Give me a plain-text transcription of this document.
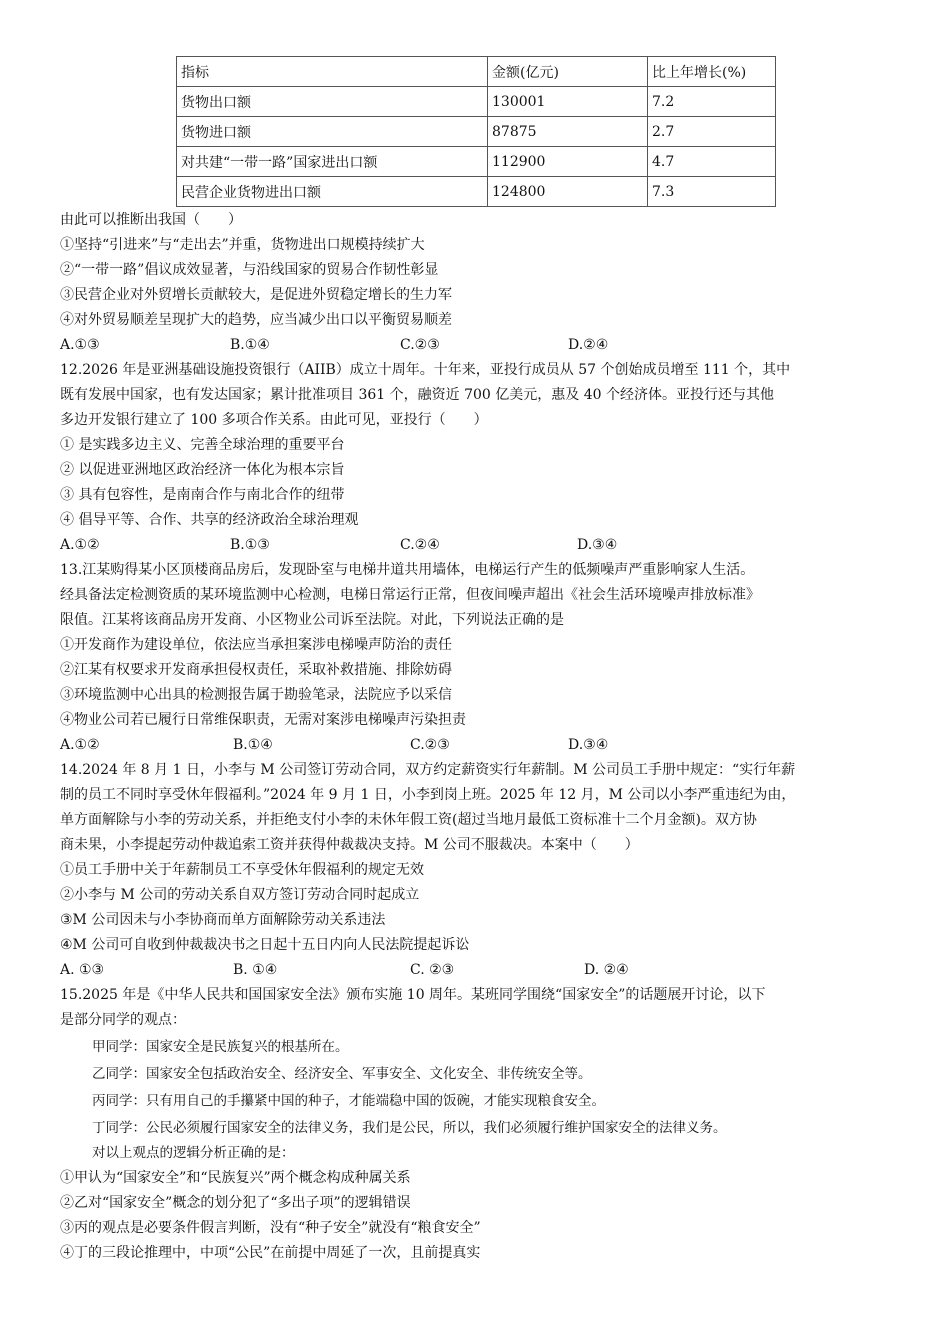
指标	金额(亿元)	比上年增长(%)
货物出口额	130001	7.2
货物进口额	87875	2.7
对共建“一带一路”国家进出口额	112900	4.7
民营企业货物进出口额	124800	7.3
由此可以推断出我国（　　）
①坚持“引进来”与“走出去”并重，货物进出口规模持续扩大
②“一带一路”倡议成效显著，与沿线国家的贸易合作韧性彰显
③民营企业对外贸增长贡献较大，是促进外贸稳定增长的生力军
④对外贸易顺差呈现扩大的趋势，应当减少出口以平衡贸易顺差
A.①③	B.①④	C.②③	D.②④
12.2026 年是亚洲基础设施投资银行（AIIB）成立十周年。十年来，亚投行成员从 57 个创始成员增至 111 个，其中
既有发展中国家，也有发达国家；累计批准项目 361 个，融资近 700 亿美元，惠及 40 个经济体。亚投行还与其他
多边开发银行建立了 100 多项合作关系。由此可见，亚投行（　　）
① 是实践多边主义、完善全球治理的重要平台
② 以促进亚洲地区政治经济一体化为根本宗旨
③ 具有包容性，是南南合作与南北合作的纽带
④ 倡导平等、合作、共享的经济政治全球治理观
A.①②	B.①③	C.②④	D.③④
13.江某购得某小区顶楼商品房后，发现卧室与电梯井道共用墙体，电梯运行产生的低频噪声严重影响家人生活。
经具备法定检测资质的某环境监测中心检测，电梯日常运行正常，但夜间噪声超出《社会生活环境噪声排放标准》
限值。江某将该商品房开发商、小区物业公司诉至法院。对此，下列说法正确的是
①开发商作为建设单位，依法应当承担案涉电梯噪声防治的责任
②江某有权要求开发商承担侵权责任，采取补救措施、排除妨碍
③环境监测中心出具的检测报告属于勘验笔录，法院应予以采信
④物业公司若已履行日常维保职责，无需对案涉电梯噪声污染担责
A.①②	B.①④	C.②③	D.③④
14.2024 年 8 月 1 日，小李与 M 公司签订劳动合同，双方约定薪资实行年薪制。M 公司员工手册中规定：“实行年薪
制的员工不同时享受休年假福利。”2024 年 9 月 1 日，小李到岗上班。2025 年 12 月，M 公司以小李严重违纪为由，
单方面解除与小李的劳动关系，并拒绝支付小李的未休年假工资(超过当地月最低工资标准十二个月金额)。双方协
商未果，小李提起劳动仲裁追索工资并获得仲裁裁决支持。M 公司不服裁决。本案中（　　）
①员工手册中关于年薪制员工不享受休年假福利的规定无效
②小李与 M 公司的劳动关系自双方签订劳动合同时起成立
③M 公司因未与小李协商而单方面解除劳动关系违法
④M 公司可自收到仲裁裁决书之日起十五日内向人民法院提起诉讼
A. ①③	B. ①④	C. ②③	D. ②④
15.2025 年是《中华人民共和国国家安全法》颁布实施 10 周年。某班同学围绕“国家安全”的话题展开讨论，以下
是部分同学的观点：
甲同学：国家安全是民族复兴的根基所在。
乙同学：国家安全包括政治安全、经济安全、军事安全、文化安全、非传统安全等。
丙同学：只有用自己的手攥紧中国的种子，才能端稳中国的饭碗，才能实现粮食安全。
丁同学：公民必须履行国家安全的法律义务，我们是公民，所以，我们必须履行维护国家安全的法律义务。
对以上观点的逻辑分析正确的是：
①甲认为“国家安全”和“民族复兴”两个概念构成种属关系
②乙对“国家安全”概念的划分犯了“多出子项”的逻辑错误
③丙的观点是必要条件假言判断，没有“种子安全”就没有“粮食安全”
④丁的三段论推理中，中项“公民”在前提中周延了一次，且前提真实
